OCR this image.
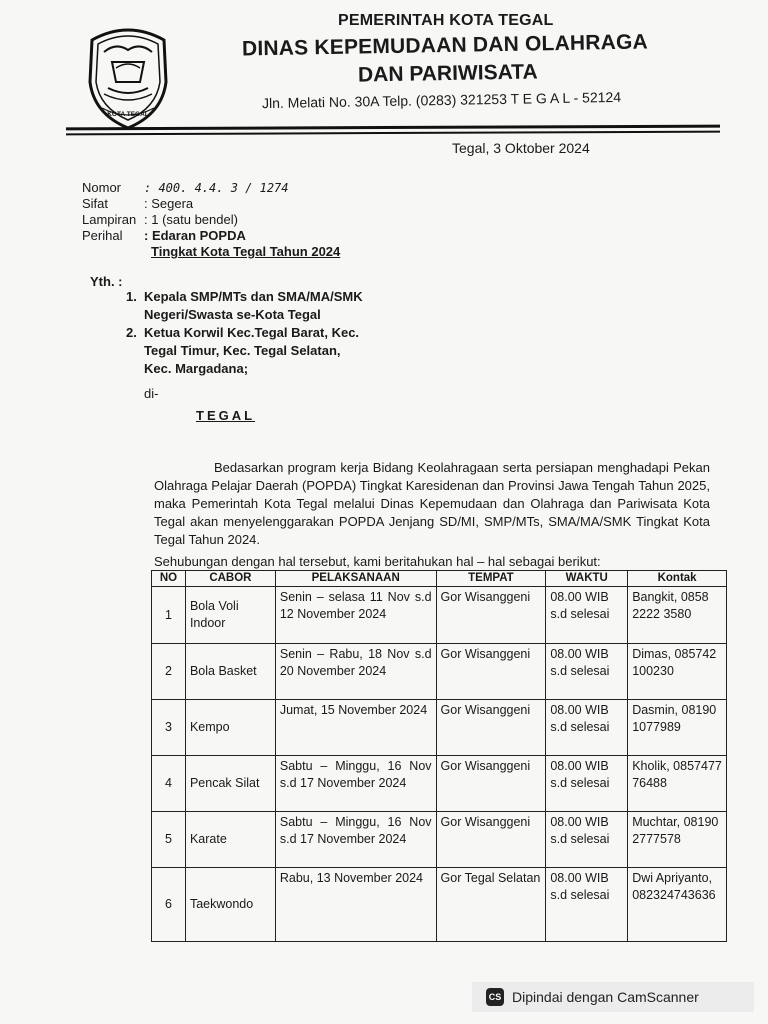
KOTA TEGAL
PEMERINTAH KOTA TEGAL
DINAS KEPEMUDAAN DAN OLAHRAGA
DAN PARIWISATA
Jln. Melati No. 30A Telp. (0283) 321253 T E G A L - 52124
Tegal, 3 Oktober 2024
Nomor	: 400. 4.4. 3 / 1274
Sifat	: Segera
Lampiran : 1 (satu bendel)
Perihal	: Edaran POPDA
Tingkat Kota Tegal Tahun 2024
Yth. :
1. Kepala SMP/MTs dan SMA/MA/SMK
Negeri/Swasta se-Kota Tegal
2. Ketua Korwil Kec.Tegal Barat, Kec.
Tegal Timur, Kec. Tegal Selatan,
Kec. Margadana;
di-
TEGAL
Bedasarkan program kerja Bidang Keolahragaan serta persiapan menghadapi Pekan Olahraga Pelajar Daerah (POPDA) Tingkat Karesidenan dan Provinsi Jawa Tengah Tahun 2025, maka Pemerintah Kota Tegal melalui Dinas Kepemudaan dan Olahraga dan Pariwisata Kota Tegal akan menyelenggarakan POPDA Jenjang SD/MI, SMP/MTs, SMA/MA/SMK Tingkat Kota Tegal Tahun 2024.
Sehubungan dengan hal tersebut, kami beritahukan hal – hal sebagai berikut:
NO	CABOR	PELAKSANAAN	TEMPAT	WAKTU	Kontak
1	Bola Voli Indoor	Senin – selasa 11 Nov s.d 12 November 2024	Gor Wisanggeni	08.00 WIB s.d selesai	Bangkit, 0858 2222 3580
2	Bola Basket	Senin – Rabu, 18 Nov s.d 20 November 2024	Gor Wisanggeni	08.00 WIB s.d selesai	Dimas, 085742100230
3	Kempo	Jumat, 15 November 2024	Gor Wisanggeni	08.00 WIB s.d selesai	Dasmin, 081901077989
4	Pencak Silat	Sabtu – Minggu, 16 Nov s.d 17 November 2024	Gor Wisanggeni	08.00 WIB s.d selesai	Kholik, 085747776488
5	Karate	Sabtu – Minggu, 16 Nov s.d 17 November 2024	Gor Wisanggeni	08.00 WIB s.d selesai	Muchtar, 081902777578
6	Taekwondo	Rabu, 13 November 2024	Gor Tegal Selatan	08.00 WIB s.d selesai	Dwi Apriyanto, 082324743636
CS Dipindai dengan CamScanner
